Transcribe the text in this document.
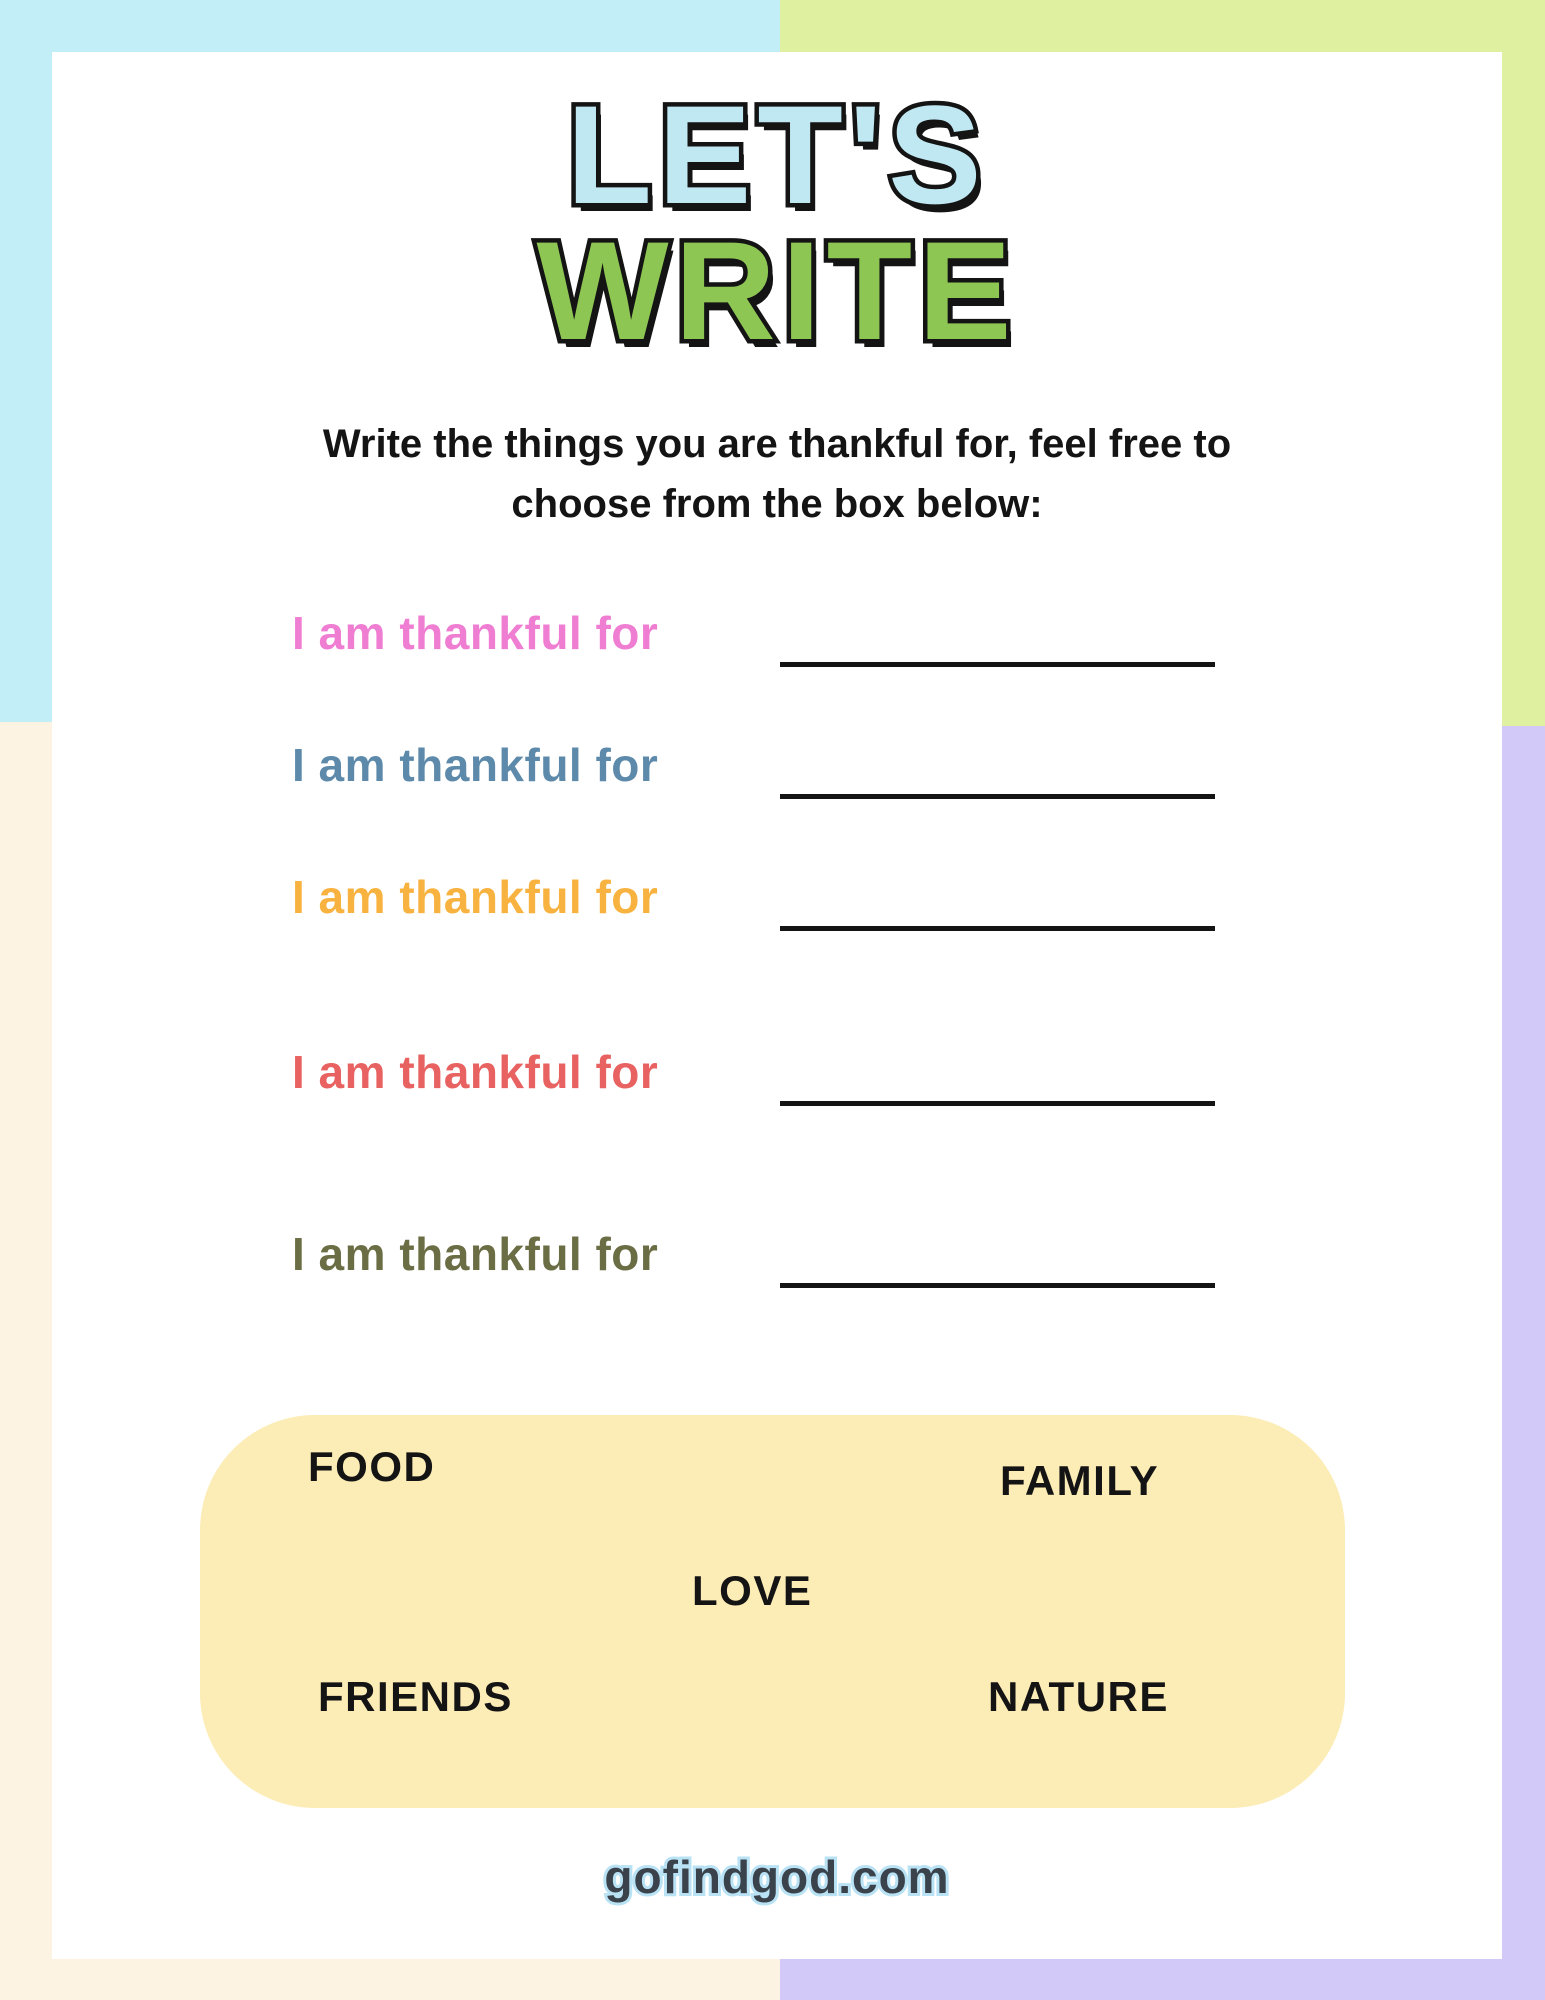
LET'S
WRITE
Write the things you are thankful for, feel free to choose from the box below:
I am thankful for
I am thankful for
I am thankful for
I am thankful for
I am thankful for
FOOD	FAMILY
LOVE
FRIENDS	NATURE
gofindgod.com
